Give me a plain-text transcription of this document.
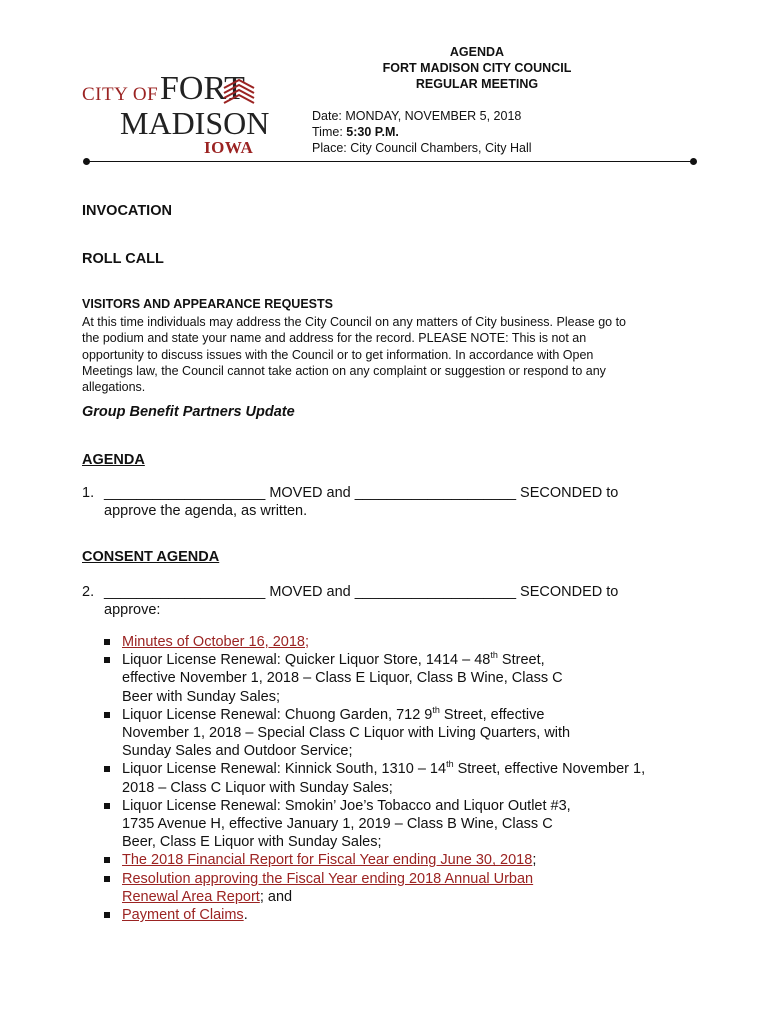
CITY OF FORT
MADISON
IOWA
AGENDA
FORT MADISON CITY COUNCIL
REGULAR MEETING
Date: MONDAY, NOVEMBER 5, 2018
Time: 5:30 P.M.
Place: City Council Chambers, City Hall
INVOCATION
ROLL CALL
VISITORS AND APPEARANCE REQUESTS
At this time individuals may address the City Council on any matters of City business. Please go to
the podium and state your name and address for the record. PLEASE NOTE: This is not an
opportunity to discuss issues with the Council or to get information. In accordance with Open
Meetings law, the Council cannot take action on any complaint or suggestion or respond to any
allegations.
Group Benefit Partners Update
AGENDA
1. ____________________ MOVED and ____________________ SECONDED to
approve the agenda, as written.
CONSENT AGENDA
2. ____________________ MOVED and ____________________ SECONDED to
approve:
Minutes of October 16, 2018;
Liquor License Renewal: Quicker Liquor Store, 1414 – 48th Street,
effective November 1, 2018 – Class E Liquor, Class B Wine, Class C
Beer with Sunday Sales;
Liquor License Renewal: Chuong Garden, 712 9th Street, effective
November 1, 2018 – Special Class C Liquor with Living Quarters, with
Sunday Sales and Outdoor Service;
Liquor License Renewal: Kinnick South, 1310 – 14th Street, effective November 1,
2018 – Class C Liquor with Sunday Sales;
Liquor License Renewal: Smokin’ Joe’s Tobacco and Liquor Outlet #3,
1735 Avenue H, effective January 1, 2019 – Class B Wine, Class C
Beer, Class E Liquor with Sunday Sales;
The 2018 Financial Report for Fiscal Year ending June 30, 2018;
Resolution approving the Fiscal Year ending 2018 Annual Urban
Renewal Area Report; and
Payment of Claims.
